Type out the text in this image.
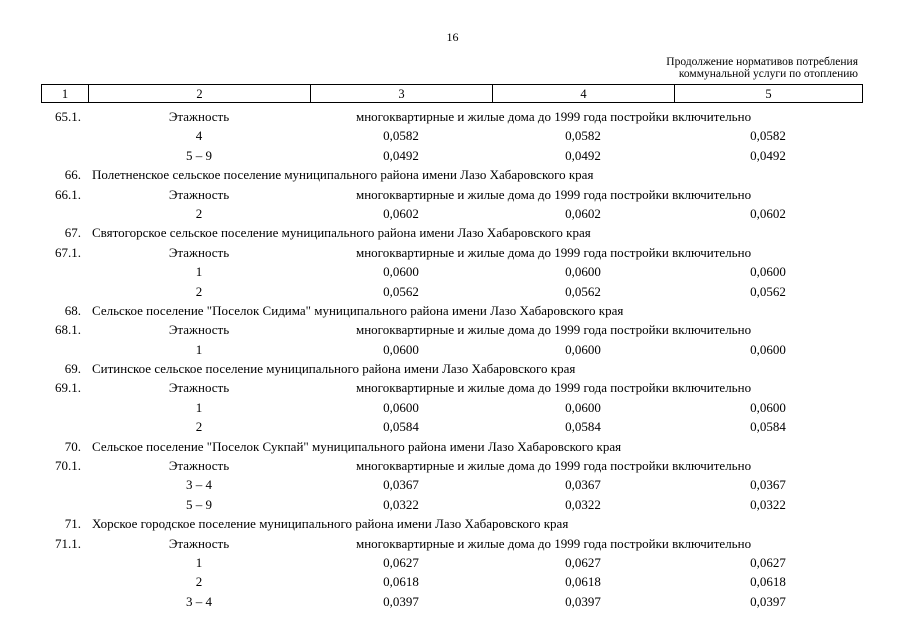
16
Продолжение нормативов потребления
коммунальной услуги по отоплению
1	2	3	4	5
65.1.	Этажность	многоквартирные и жилые дома до 1999 года постройки включительно
4	0,0582	0,0582	0,0582
5 – 9	0,0492	0,0492	0,0492
66. Полетненское сельское поселение муниципального района имени Лазо Хабаровского края
66.1.	Этажность	многоквартирные и жилые дома до 1999 года постройки включительно
2	0,0602	0,0602	0,0602
67. Святогорское сельское поселение муниципального района имени Лазо Хабаровского края
67.1.	Этажность	многоквартирные и жилые дома до 1999 года постройки включительно
1	0,0600	0,0600	0,0600
2	0,0562	0,0562	0,0562
68. Сельское поселение "Поселок Сидима" муниципального района имени Лазо Хабаровского края
68.1.	Этажность	многоквартирные и жилые дома до 1999 года постройки включительно
1	0,0600	0,0600	0,0600
69. Ситинское сельское поселение муниципального района имени Лазо Хабаровского края
69.1.	Этажность	многоквартирные и жилые дома до 1999 года постройки включительно
1	0,0600	0,0600	0,0600
2	0,0584	0,0584	0,0584
70. Сельское поселение "Поселок Сукпай" муниципального района имени Лазо Хабаровского края
70.1.	Этажность	многоквартирные и жилые дома до 1999 года постройки включительно
3 – 4	0,0367	0,0367	0,0367
5 – 9	0,0322	0,0322	0,0322
71. Хорское городское поселение муниципального района имени Лазо Хабаровского края
71.1.	Этажность	многоквартирные и жилые дома до 1999 года постройки включительно
1	0,0627	0,0627	0,0627
2	0,0618	0,0618	0,0618
3 – 4	0,0397	0,0397	0,0397
